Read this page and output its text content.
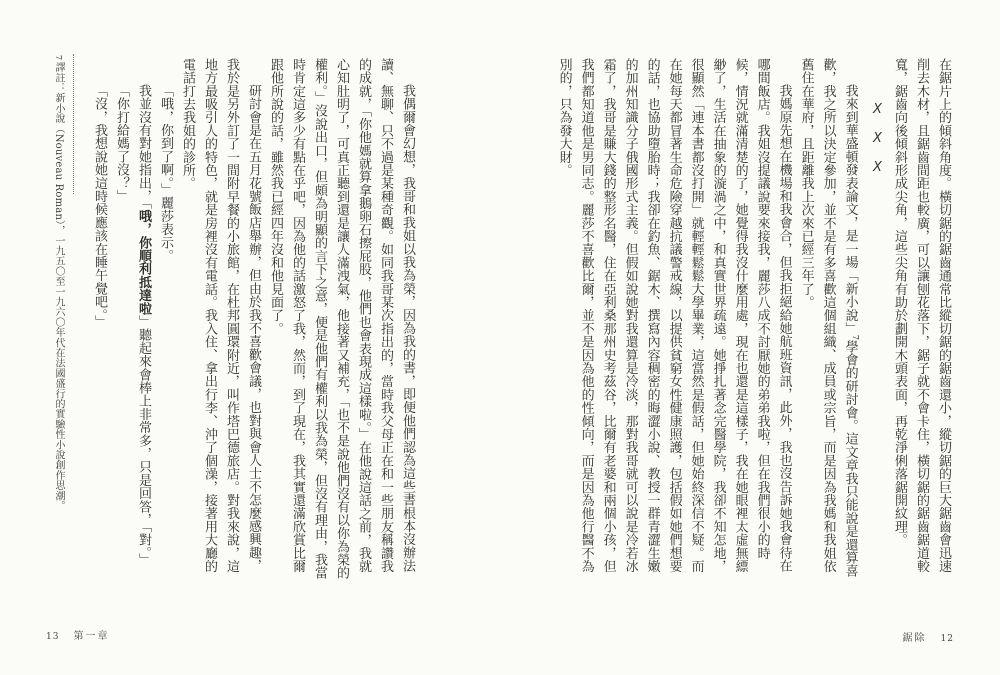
在鋸片上的傾斜角度。橫切鋸的鋸齒通常比縱切鋸的鋸齒還小，縱切鋸的巨大鋸齒會迅速削去木材，且鋸齒間距也較廣，可以讓刨花落下，鋸子就不會卡住，橫切鋸的鋸齒鋸道較寬，鋸齒向後傾斜形成尖角，這些尖角有助於劃開木頭表面，再乾淨俐落鋸開紋理。

XXX

我來到華盛頓發表論文，是一場「新小說」$^7$學會的研討會。這文章我只能說是還算喜歡，我之所以決定參加，並不是有多喜歡這個組織、成員或宗旨，而是因為我媽和我姐依舊住在華府，且距離我上次來已經三年了。

我媽原先想在機場和我會合，但我拒絕給她航班資訊，此外，我也沒告訴她我會待在哪間飯店。我姐沒提議說要來接我，麗莎八成不討厭她的弟弟我啦，但在我們很小的時候，情況就滿清楚的了，她覺得我沒什麼用處，現在也還是這樣子，我在她眼裡太虛無縹緲了，生活在抽象的漩渦之中，和真實世界疏遠。她掙扎著念完醫學院，我卻不知怎地，很顯然「連本書都沒打開」就輕輕鬆鬆大學畢業，這當然是假話，但她始終深信不疑。而在她每天都冒著生命危險穿越抗議警戒線，以提供貧窮女性健康照護，包括假如她們想要的話，也協助墮胎時；我卻在釣魚、鋸木、撰寫內容稠密的晦澀小說、教授一群青澀生嫩的加州知識分子俄國形式主義。但假如說她對我還算是冷淡，那對我哥就可以說是冷若冰霜了，我哥是賺大錢的整形名醫，住在亞利桑那州史考茲谷，比爾有老婆和兩個小孩，但我們都知道他是男同志。麗莎不喜歡比爾，並不是因為他的性傾向，而是因為他行醫不為別的，只為發大財。

鋸除 12

我偶爾會幻想，我哥和我姐以我為榮，因為我的書，即便他們認為這些書根本沒辦法讀、無聊、只不過是某種奇觀。如同我哥某次指出的，當時我父母正在和一些朋友稱讚我的成就，「你他媽就算拿鵝卵石擦屁股，他們也會表現成這樣啦。」在他說這話之前，我就心知肚明了，可真正聽到還是讓人滿洩氣，他接著又補充，「也不是說他們沒有以你為榮的權利。」沒說出口，但頗為明顯的言下之意，便是他們有權利以我為榮，但沒有理由，我當時肯定這多少有點在乎吧，因為他的話激怒了我，然而，到了現在，我其實還滿欣賞比爾跟他所說的話，雖然我已經四年沒和他見面了。

研討會是在五月花號飯店舉辦，但由於我不喜歡會議，也對與會人士不怎麼感興趣，我於是另外訂了一間附早餐的小旅館，在杜邦圓環附近，叫作塔巴德旅店。對我來說，這地方最吸引人的特色，就是房裡沒有電話。我入住、拿出行李、沖了個澡，接著用大廳的電話打去我姐的診所。

「哦，你到了啊。」麗莎表示。

我並沒有對她指出，「哦，你順利抵達啦」聽起來會棒上非常多，只是回答，「對。」

「你打給媽了沒？」

「沒，我想說她這時候應該在睡午覺吧。」

7譯註：新小說（Nouveau Roman），一九五〇至一九六〇年代在法國盛行的實驗性小說創作思潮。
13 第一章
